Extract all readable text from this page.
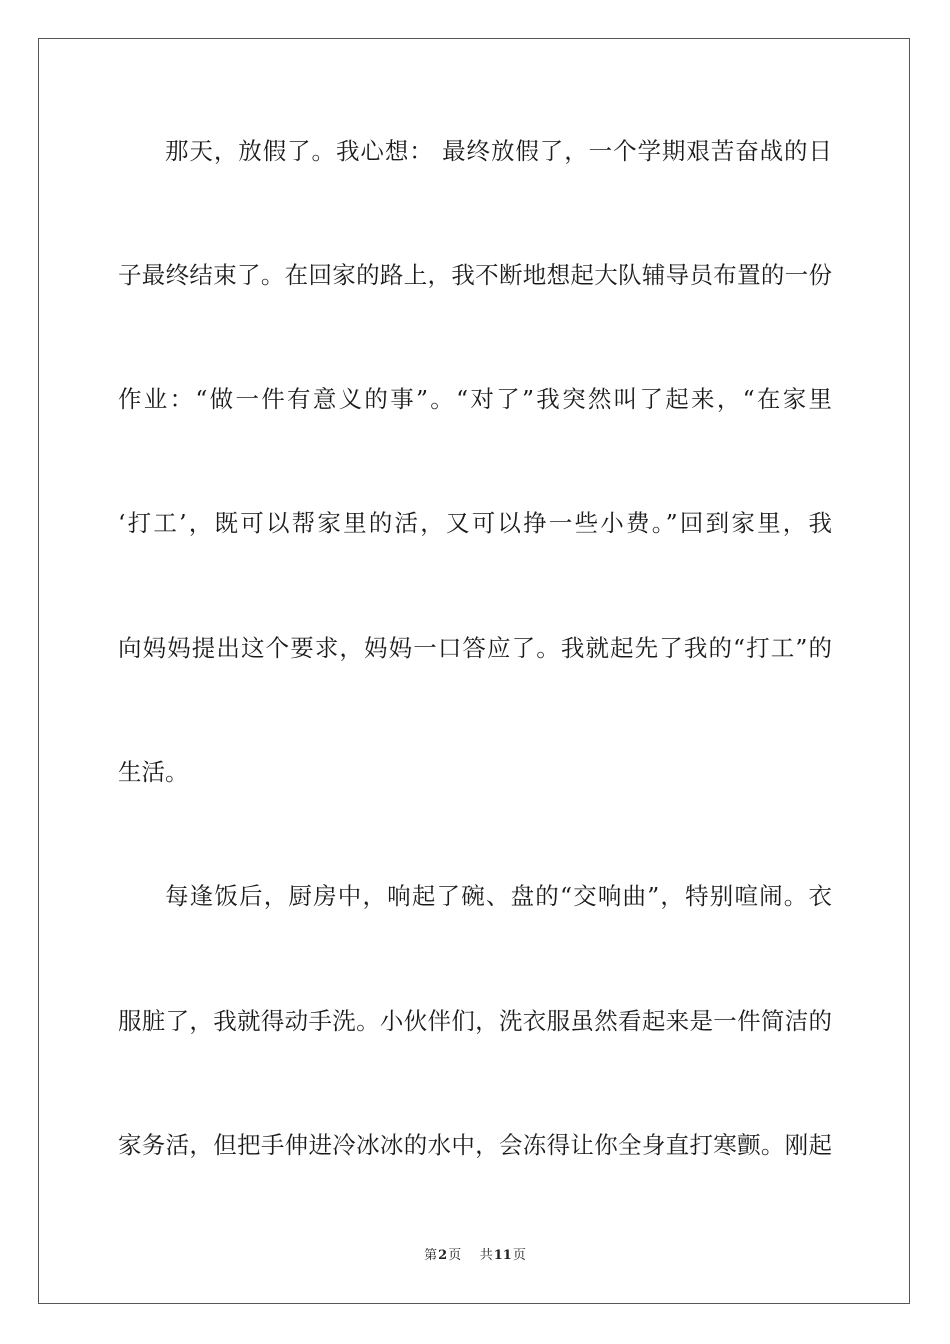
那天，放假了。我心想： 最终放假了，一个学期艰苦奋战的日
子最终结束了。在回家的路上，我不断地想起大队辅导员布置的一份
作业：“做一件有意义的事”。“对了”我突然叫了起来，“在家里
‘打工’，既可以帮家里的活，又可以挣一些小费。”回到家里，我
向妈妈提出这个要求，妈妈一口答应了。我就起先了我的“打工”的
生活。
每逢饭后，厨房中，响起了碗、盘的“交响曲”，特别喧闹。衣
服脏了，我就得动手洗。小伙伴们，洗衣服虽然看起来是一件简洁的
家务活，但把手伸进冷冰冰的水中，会冻得让你全身直打寒颤。刚起
第2页 共11页
